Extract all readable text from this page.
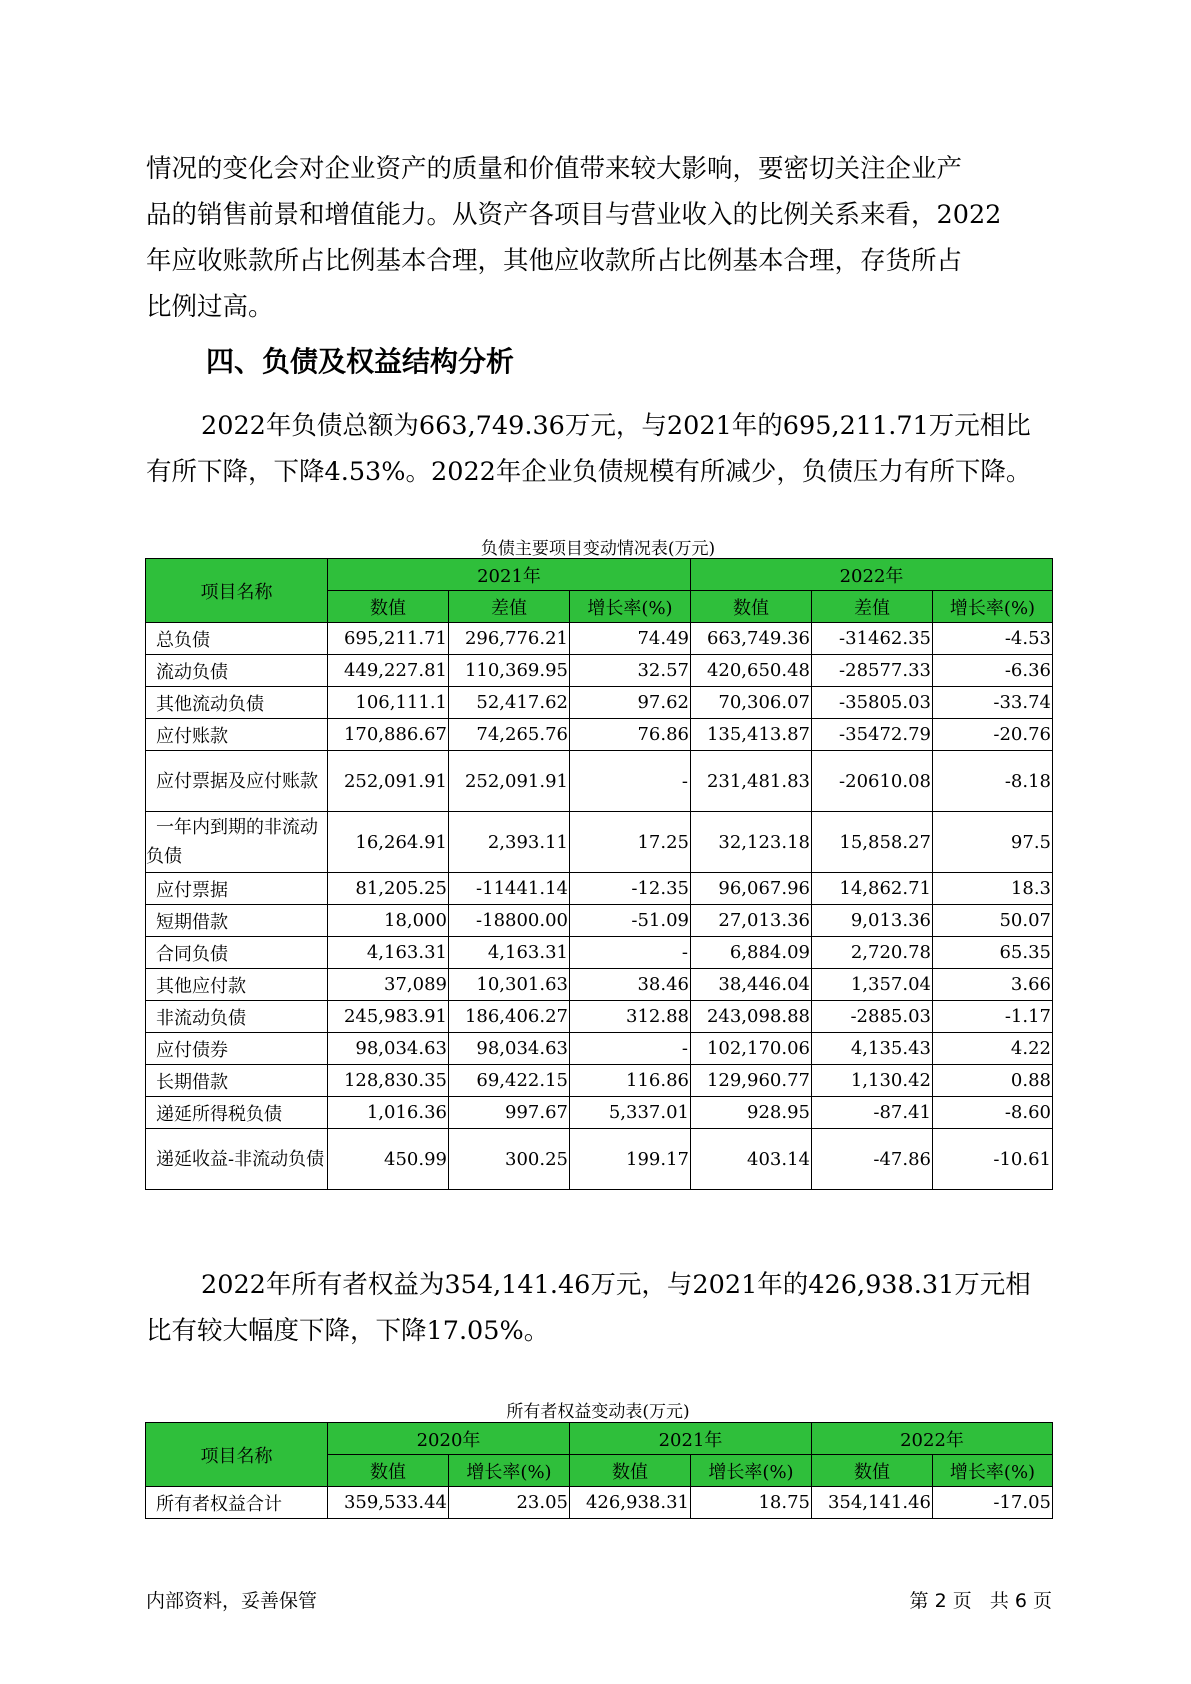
情况的变化会对企业资产的质量和价值带来较大影响，要密切关注企业产
品的销售前景和增值能力。从资产各项目与营业收入的比例关系来看，2022
年应收账款所占比例基本合理，其他应收款所占比例基本合理，存货所占
比例过高。

四、负债及权益结构分析

2022年负债总额为663,749.36万元，与2021年的695,211.71万元相比
有所下降，下降4.53%。2022年企业负债规模有所减少，负债压力有所下降。

负债主要项目变动情况表(万元)
项目名称	2021年			2022年		
	数值	差值	增长率(%)	数值	差值	增长率(%)
总负债	695,211.71	296,776.21	74.49	663,749.36	-31462.35	-4.53
流动负债	449,227.81	110,369.95	32.57	420,650.48	-28577.33	-6.36
其他流动负债	106,111.1	52,417.62	97.62	70,306.07	-35805.03	-33.74
应付账款	170,886.67	74,265.76	76.86	135,413.87	-35472.79	-20.76
应付票据及应付账款	252,091.91	252,091.91	-	231,481.83	-20610.08	-8.18
一年内到期的非流动负债	16,264.91	2,393.11	17.25	32,123.18	15,858.27	97.5
应付票据	81,205.25	-11441.14	-12.35	96,067.96	14,862.71	18.3
短期借款	18,000	-18800.00	-51.09	27,013.36	9,013.36	50.07
合同负债	4,163.31	4,163.31	-	6,884.09	2,720.78	65.35
其他应付款	37,089	10,301.63	38.46	38,446.04	1,357.04	3.66
非流动负债	245,983.91	186,406.27	312.88	243,098.88	-2885.03	-1.17
应付债券	98,034.63	98,034.63	-	102,170.06	4,135.43	4.22
长期借款	128,830.35	69,422.15	116.86	129,960.77	1,130.42	0.88
递延所得税负债	1,016.36	997.67	5,337.01	928.95	-87.41	-8.60
递延收益-非流动负债	450.99	300.25	199.17	403.14	-47.86	-10.61

2022年所有者权益为354,141.46万元，与2021年的426,938.31万元相
比有较大幅度下降，下降17.05%。

所有者权益变动表(万元)
项目名称	2020年		2021年		2022年	
	数值	增长率(%)	数值	增长率(%)	数值	增长率(%)
所有者权益合计	359,533.44	23.05	426,938.31	18.75	354,141.46	-17.05
内部资料，妥善保管	第 2 页   共 6 页
